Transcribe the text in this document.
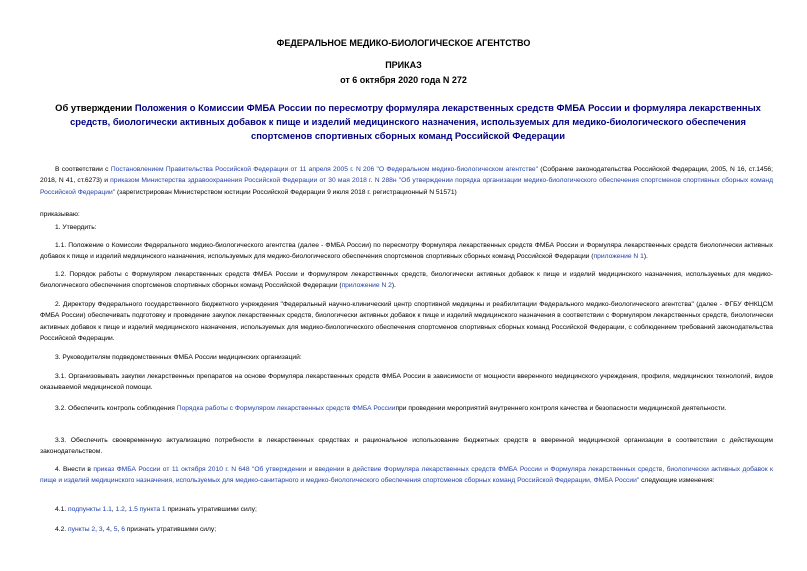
ФЕДЕРАЛЬНОЕ МЕДИКО-БИОЛОГИЧЕСКОЕ АГЕНТСТВО
ПРИКАЗ
от 6 октября 2020 года N 272
Об утверждении Положения о Комиссии ФМБА России по пересмотру формуляра лекарственных средств ФМБА России и формуляра лекарственных средств, биологически активных добавок к пище и изделий медицинского назначения, используемых для медико-биологического обеспечения спортсменов спортивных сборных команд Российской Федерации
В соответствии с Постановлением Правительства Российской Федерации от 11 апреля 2005 г. N 206 "О Федеральном медико-биологическом агентстве" (Собрание законодательства Российской Федерации, 2005, N 16, ст.1456; 2018, N 41, ст.6273) и приказом Министерства здравоохранения Российской Федерации от 30 мая 2018 г. N 288н "Об утверждении порядка организации медико-биологического обеспечения спортсменов спортивных сборных команд Российской Федерации" (зарегистрирован Министерством юстиции Российской Федерации 9 июля 2018 г. регистрационный N 51571)
приказываю:
1. Утвердить:
1.1. Положение о Комиссии Федерального медико-биологического агентства (далее - ФМБА России) по пересмотру Формуляра лекарственных средств ФМБА России и Формуляра лекарственных средств биологически активных добавок к пище и изделий медицинского назначения, используемых для медико-биологического обеспечения спортсменов спортивных сборных команд Российской Федерации (приложение N 1).
1.2. Порядок работы с Формуляром лекарственных средств ФМБА России и Формуляром лекарственных средств, биологически активных добавок к пище и изделий медицинского назначения, используемых для медико-биологического обеспечения спортсменов спортивных сборных команд Российской Федерации (приложение N 2).
2. Директору Федерального государственного бюджетного учреждения "Федеральный научно-клинический центр спортивной медицины и реабилитации Федерального медико-биологического агентства" (далее - ФГБУ ФНКЦСМ ФМБА России) обеспечивать подготовку и проведение закупок лекарственных средств, биологически активных добавок к пище и изделий медицинского назначения в соответствии с Формуляром лекарственных средств, биологически активных добавок к пище и изделий медицинского назначения, используемых для медико-биологического обеспечения спортсменов спортивных сборных команд Российской Федерации, с соблюдением требований законодательства Российской Федерации.
3. Руководителям подведомственных ФМБА России медицинских организаций:
3.1. Организовывать закупки лекарственных препаратов на основе Формуляра лекарственных средств ФМБА России в зависимости от мощности вверенного медицинского учреждения, профиля, медицинских технологий, видов оказываемой медицинской помощи.
3.2. Обеспечить контроль соблюдения Порядка работы с Формуляром лекарственных средств ФМБА Россиипри проведении мероприятий внутреннего контроля качества и безопасности медицинской деятельности.
3.3. Обеспечить своевременную актуализацию потребности в лекарственных средствах и рациональное использование бюджетных средств в вверенной медицинской организации в соответствии с действующим законодательством.
4. Внести в приказ ФМБА России от 11 октября 2010 г. N 648 "Об утверждении и введении в действие Формуляра лекарственных средств ФМБА России и Формуляра лекарственных средств, биологически активных добавок к пище и изделий медицинского назначения, используемых для медико-санитарного и медико-биологического обеспечения спортсменов сборных команд Российской Федерации, ФМБА России" следующие изменения:
4.1. подпункты 1.1, 1.2, 1.5 пункта 1 признать утратившими силу;
4.2. пункты 2, 3, 4, 5, 6 признать утратившими силу;
